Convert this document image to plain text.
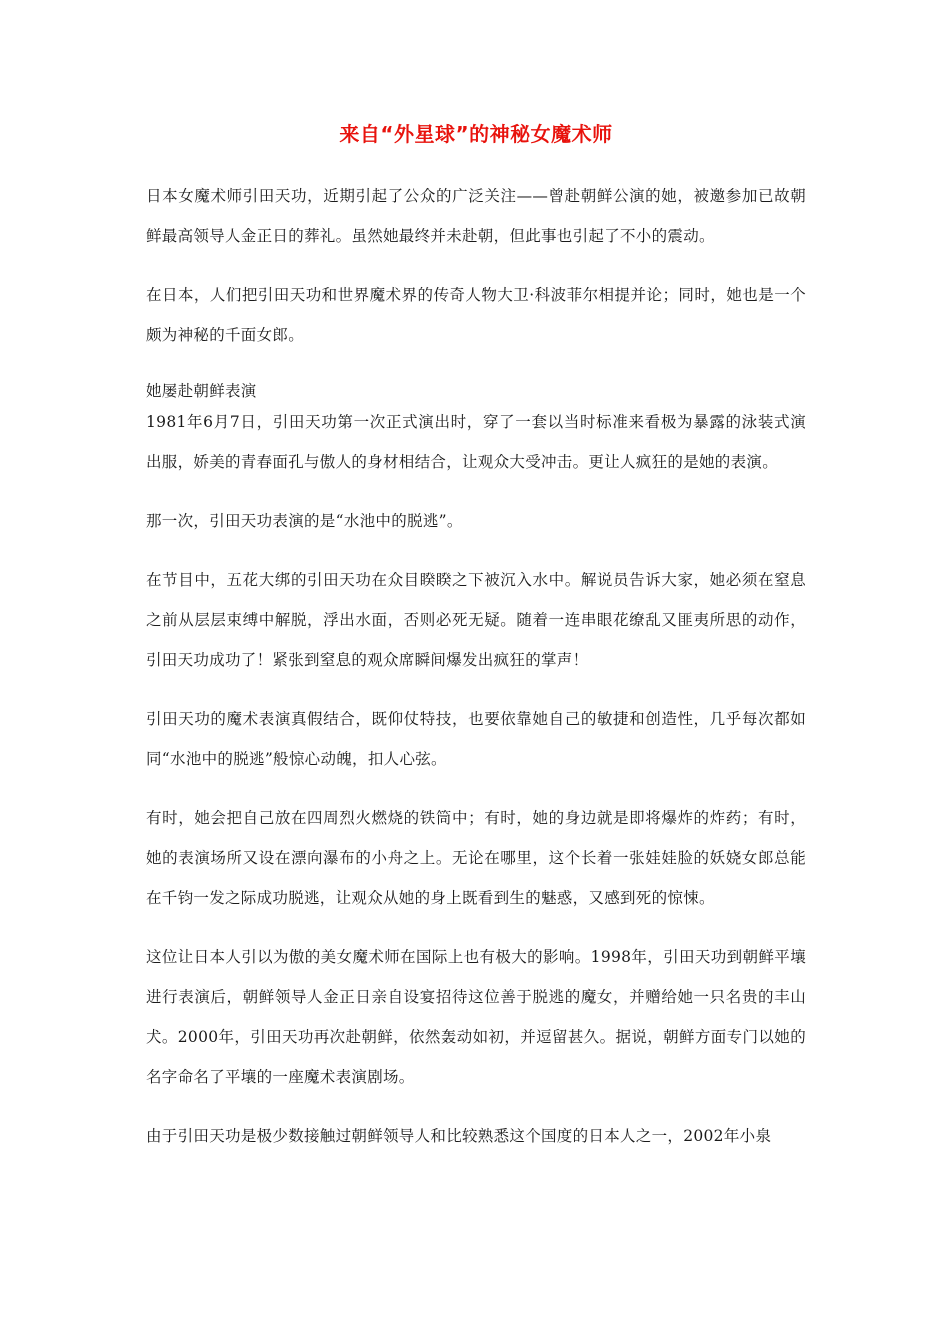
来自“外星球”的神秘女魔术师

日本女魔术师引田天功，近期引起了公众的广泛关注——曾赴朝鲜公演的她，被邀参加已故朝鲜最高领导人金正日的葬礼。虽然她最终并未赴朝，但此事也引起了不小的震动。

在日本，人们把引田天功和世界魔术界的传奇人物大卫·科波菲尔相提并论；同时，她也是一个颇为神秘的千面女郎。

她屡赴朝鲜表演

1981年6月7日，引田天功第一次正式演出时，穿了一套以当时标准来看极为暴露的泳装式演出服，娇美的青春面孔与傲人的身材相结合，让观众大受冲击。更让人疯狂的是她的表演。

那一次，引田天功表演的是“水池中的脱逃”。

在节目中，五花大绑的引田天功在众目睽睽之下被沉入水中。解说员告诉大家，她必须在窒息之前从层层束缚中解脱，浮出水面，否则必死无疑。随着一连串眼花缭乱又匪夷所思的动作，引田天功成功了！紧张到窒息的观众席瞬间爆发出疯狂的掌声！

引田天功的魔术表演真假结合，既仰仗特技，也要依靠她自己的敏捷和创造性，几乎每次都如同“水池中的脱逃”般惊心动魄，扣人心弦。

有时，她会把自己放在四周烈火燃烧的铁筒中；有时，她的身边就是即将爆炸的炸药；有时，她的表演场所又设在漂向瀑布的小舟之上。无论在哪里，这个长着一张娃娃脸的妖娆女郎总能在千钧一发之际成功脱逃，让观众从她的身上既看到生的魅惑，又感到死的惊悚。

这位让日本人引以为傲的美女魔术师在国际上也有极大的影响。1998年，引田天功到朝鲜平壤进行表演后，朝鲜领导人金正日亲自设宴招待这位善于脱逃的魔女，并赠给她一只名贵的丰山犬。2000年，引田天功再次赴朝鲜，依然轰动如初，并逗留甚久。据说，朝鲜方面专门以她的名字命名了平壤的一座魔术表演剧场。

由于引田天功是极少数接触过朝鲜领导人和比较熟悉这个国度的日本人之一，2002年小泉
